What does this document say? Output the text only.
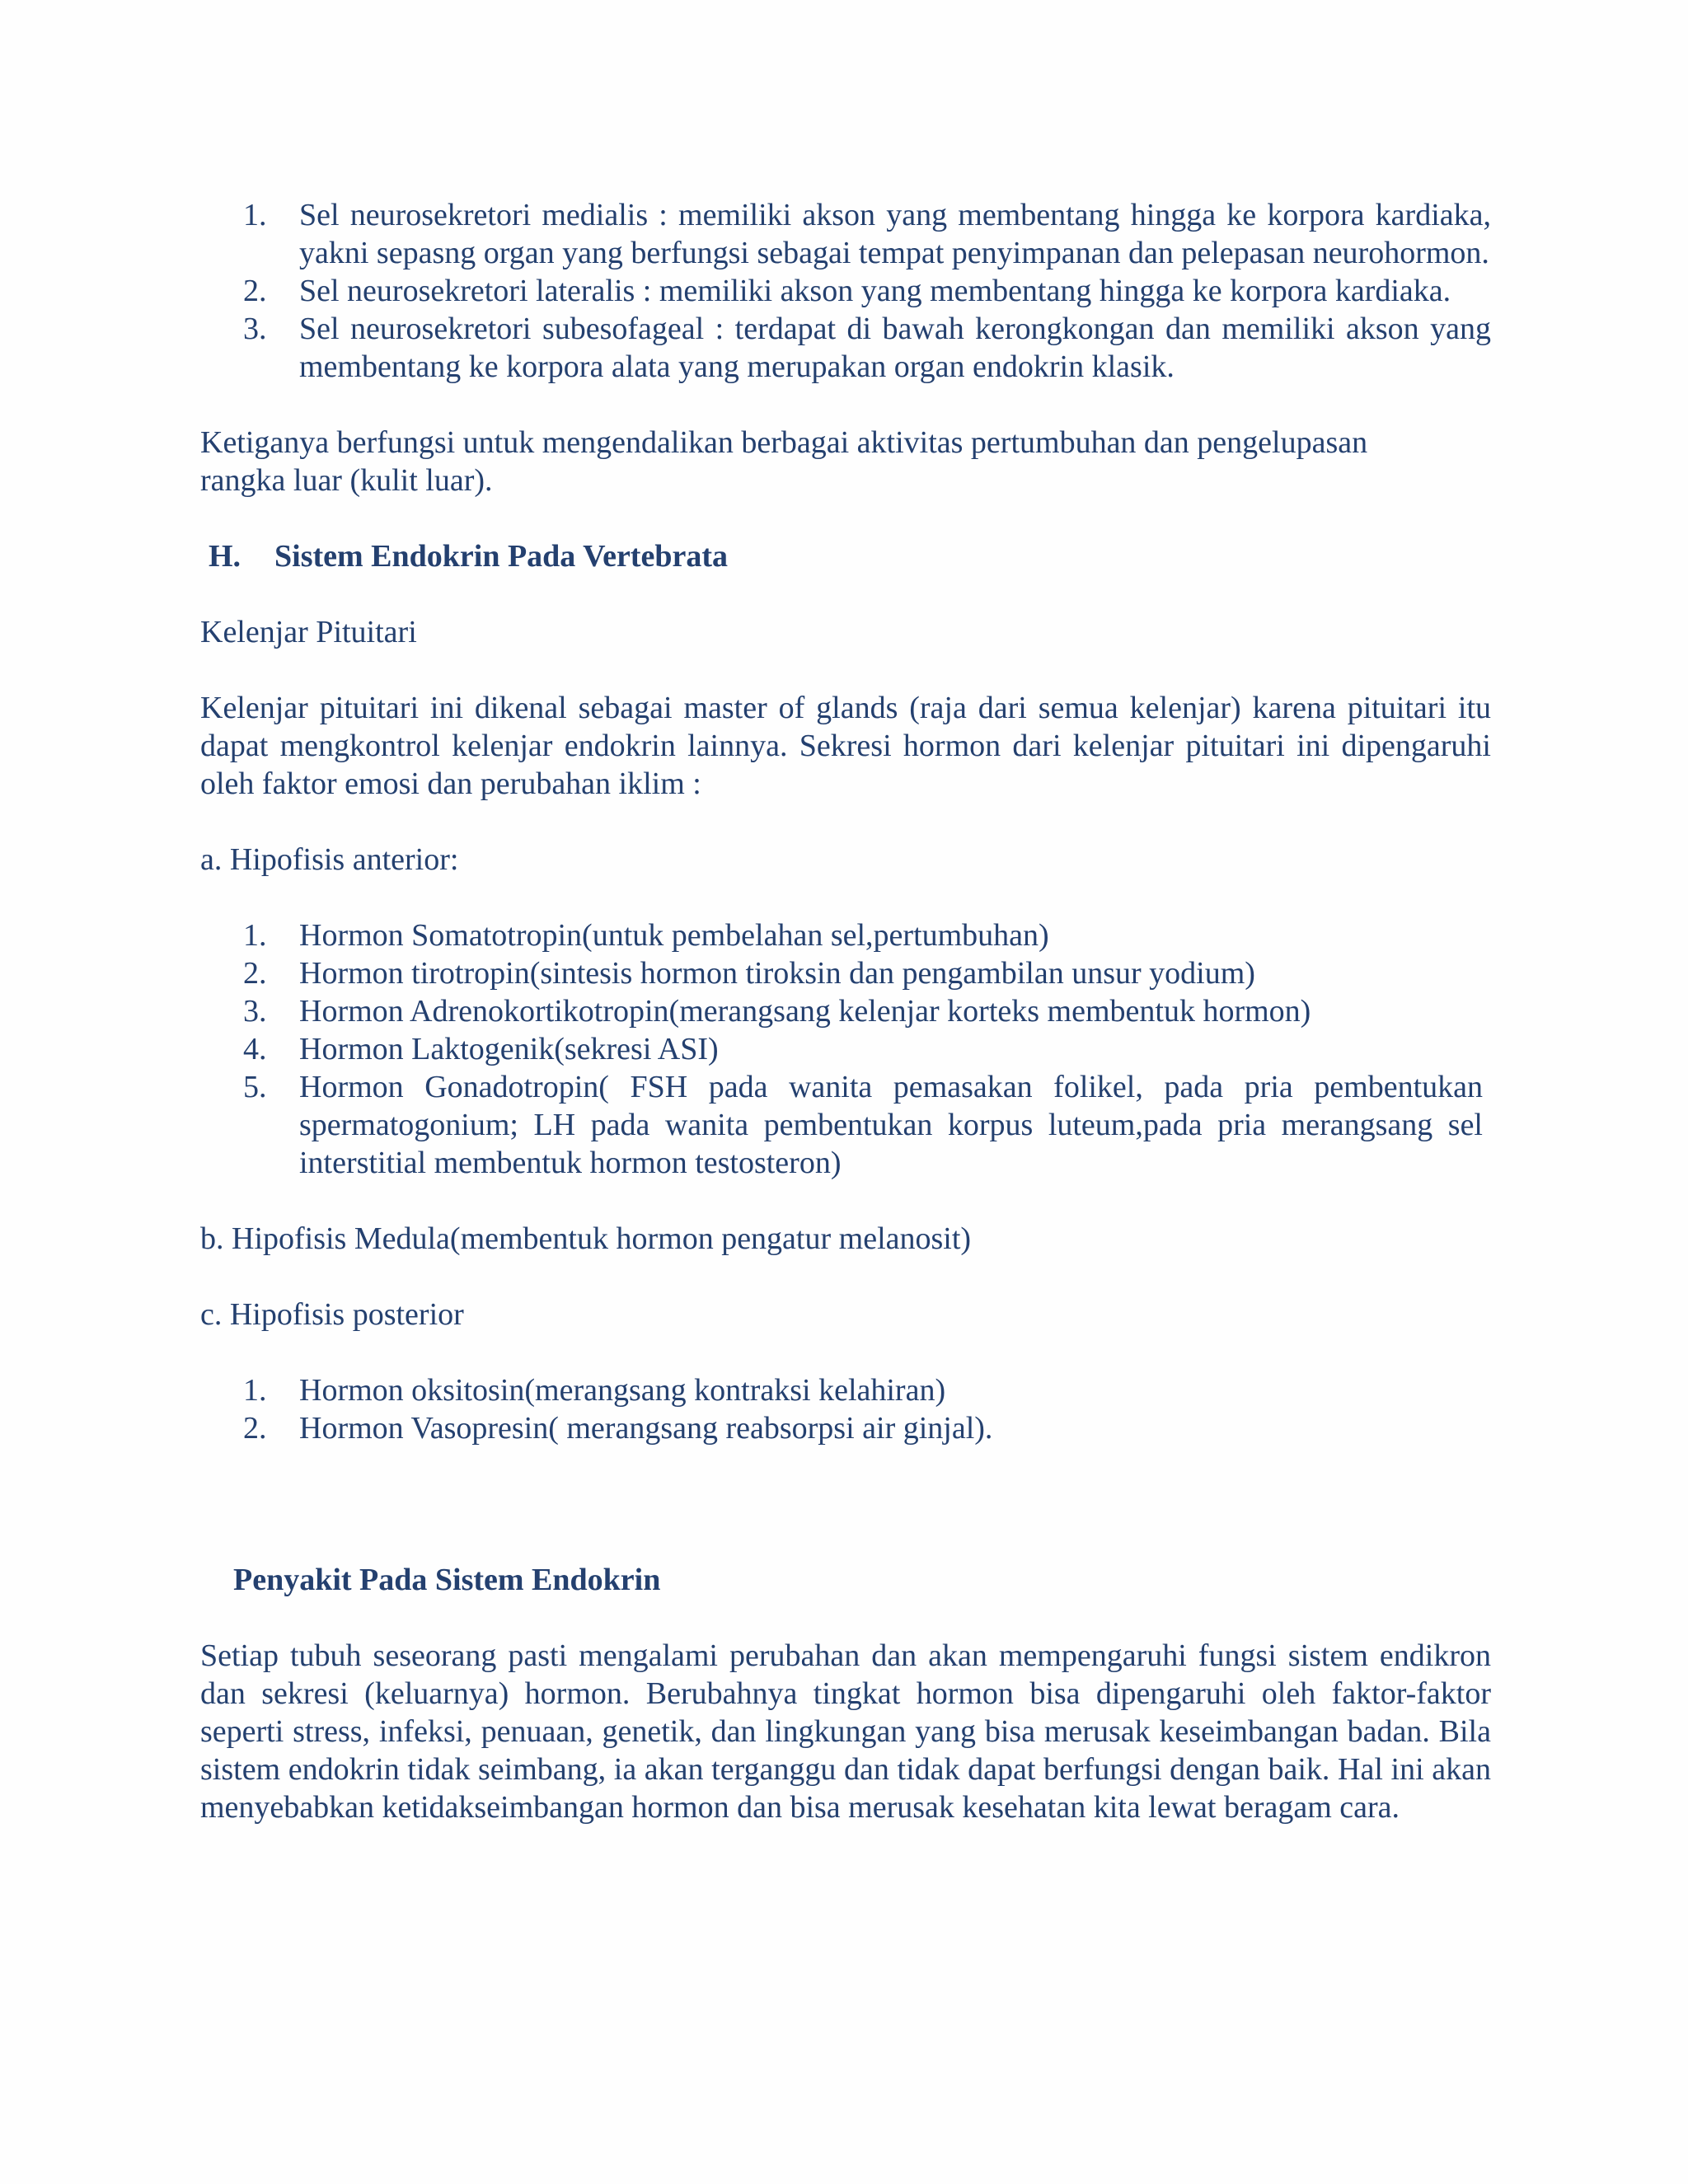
1. Sel neurosekretori medialis : memiliki akson yang membentang hingga ke korpora kardiaka, yakni sepasng organ yang berfungsi sebagai tempat penyimpanan dan pelepasan neurohormon.
2. Sel neurosekretori lateralis : memiliki akson yang membentang hingga ke korpora kardiaka.
3. Sel neurosekretori subesofageal : terdapat di bawah kerongkongan dan memiliki akson yang membentang ke korpora alata yang merupakan organ endokrin klasik.

Ketiganya berfungsi untuk mengendalikan berbagai aktivitas pertumbuhan dan pengelupasan rangka luar (kulit luar).

H. Sistem Endokrin Pada Vertebrata

Kelenjar Pituitari

Kelenjar pituitari ini dikenal sebagai master of glands (raja dari semua kelenjar) karena pituitari itu dapat mengkontrol kelenjar endokrin lainnya. Sekresi hormon dari kelenjar pituitari ini dipengaruhi oleh faktor emosi dan perubahan iklim :

a. Hipofisis anterior:

1. Hormon Somatotropin(untuk pembelahan sel,pertumbuhan)
2. Hormon tirotropin(sintesis hormon tiroksin dan pengambilan unsur yodium)
3. Hormon Adrenokortikotropin(merangsang kelenjar korteks membentuk hormon)
4. Hormon Laktogenik(sekresi ASI)
5. Hormon Gonadotropin( FSH pada wanita pemasakan folikel, pada pria pembentukan spermatogonium; LH pada wanita pembentukan korpus luteum,pada pria merangsang sel interstitial membentuk hormon testosteron)

b. Hipofisis Medula(membentuk hormon pengatur melanosit)

c. Hipofisis posterior

1. Hormon oksitosin(merangsang kontraksi kelahiran)
2. Hormon Vasopresin( merangsang reabsorpsi air ginjal).
Penyakit Pada Sistem Endokrin

Setiap tubuh seseorang pasti mengalami perubahan dan akan mempengaruhi fungsi sistem endikron dan sekresi (keluarnya) hormon. Berubahnya tingkat hormon bisa dipengaruhi oleh faktor-faktor seperti stress, infeksi, penuaan, genetik, dan lingkungan yang bisa merusak keseimbangan badan. Bila sistem endokrin tidak seimbang, ia akan terganggu dan tidak dapat berfungsi dengan baik. Hal ini akan menyebabkan ketidakseimbangan hormon dan bisa merusak kesehatan kita lewat beragam cara.
